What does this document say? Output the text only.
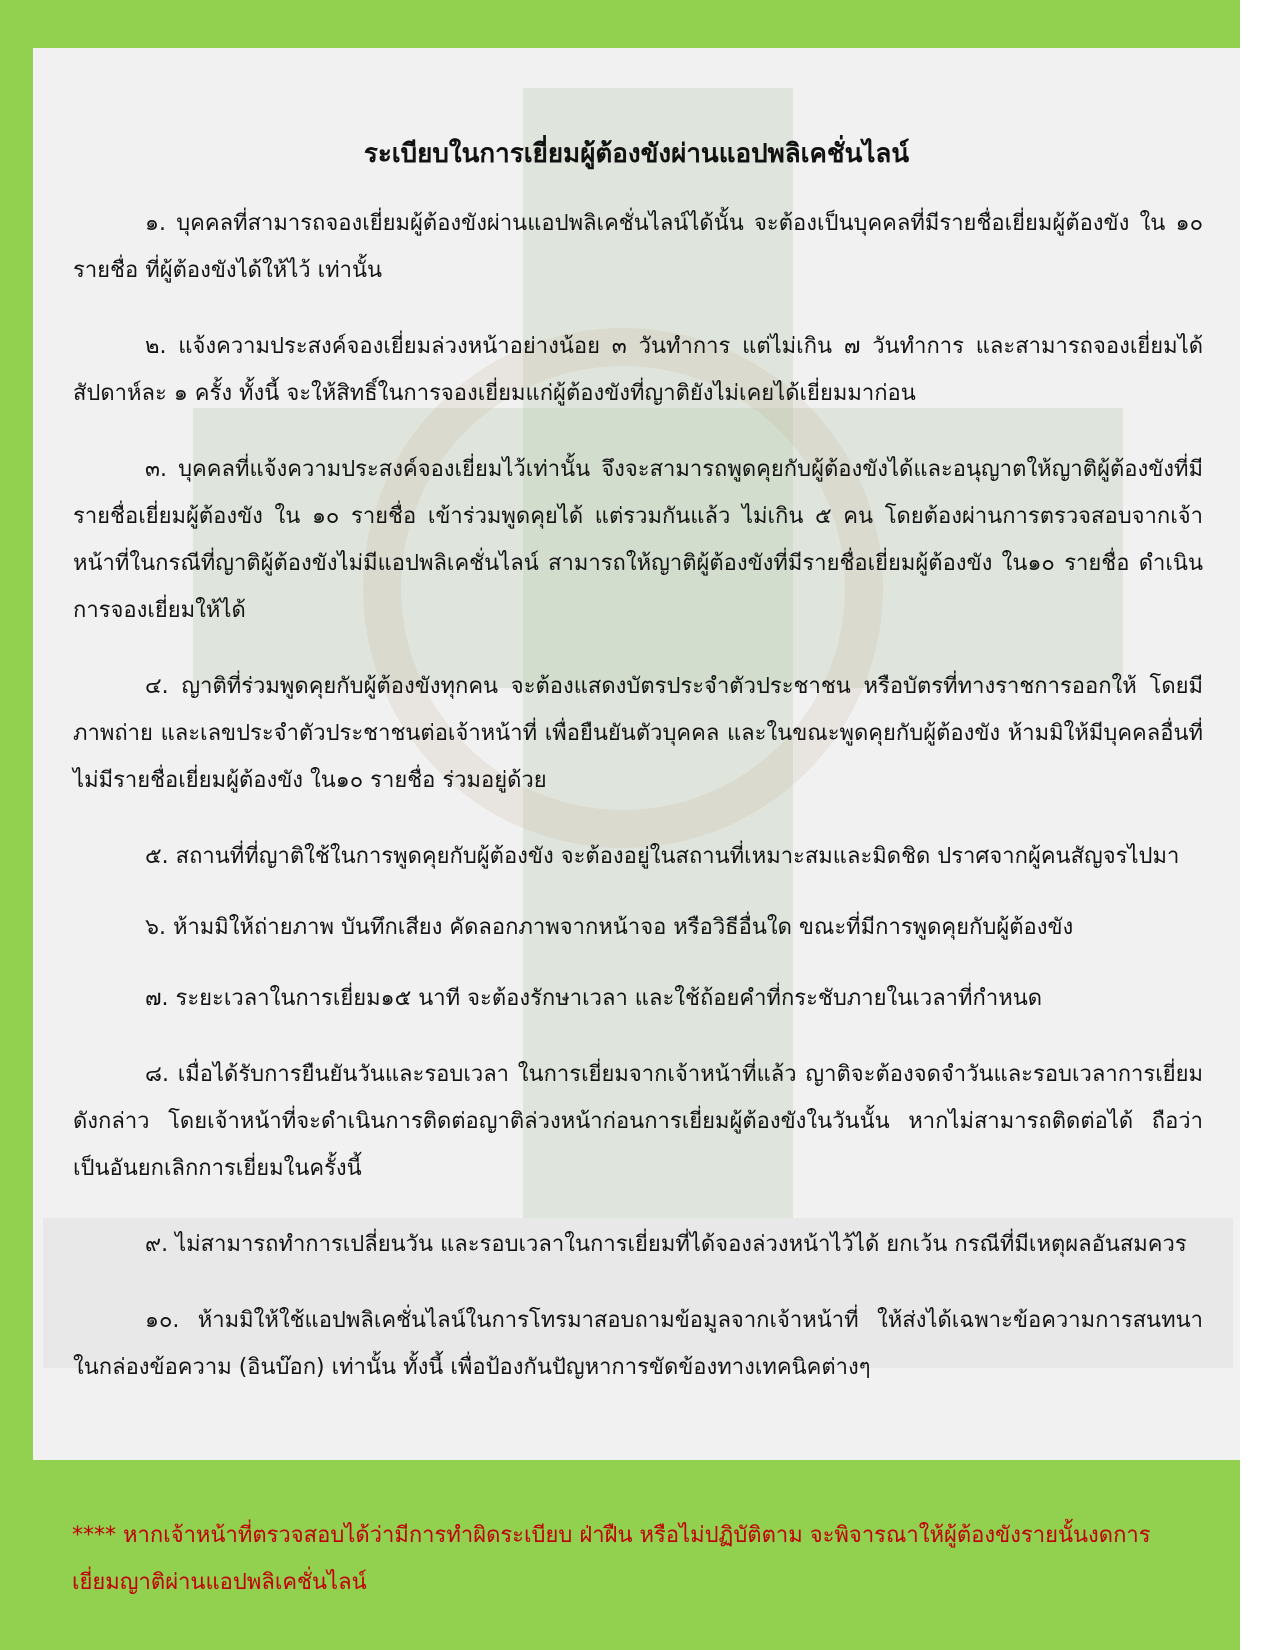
ระเบียบในการเยี่ยมผู้ต้องขังผ่านแอปพลิเคชั่นไลน์

๑. บุคคลที่สามารถจองเยี่ยมผู้ต้องขังผ่านแอปพลิเคชั่นไลน์ได้นั้น จะต้องเป็นบุคคลที่มีรายชื่อเยี่ยมผู้ต้องขัง ใน ๑๐ รายชื่อ ที่ผู้ต้องขังได้ให้ไว้ เท่านั้น

๒. แจ้งความประสงค์จองเยี่ยมล่วงหน้าอย่างน้อย ๓ วันทำการ แต่ไม่เกิน ๗ วันทำการ และสามารถจองเยี่ยมได้ สัปดาห์ละ ๑ ครั้ง ทั้งนี้ จะให้สิทธิ์ในการจองเยี่ยมแก่ผู้ต้องขังที่ญาติยังไม่เคยได้เยี่ยมมาก่อน

๓. บุคคลที่แจ้งความประสงค์จองเยี่ยมไว้เท่านั้น จึงจะสามารถพูดคุยกับผู้ต้องขังได้และอนุญาตให้ญาติผู้ต้องขังที่มีรายชื่อเยี่ยมผู้ต้องขัง ใน ๑๐ รายชื่อ เข้าร่วมพูดคุยได้ แต่รวมกันแล้ว ไม่เกิน ๕ คน โดยต้องผ่านการตรวจสอบจากเจ้าหน้าที่ในกรณีที่ญาติผู้ต้องขังไม่มีแอปพลิเคชั่นไลน์ สามารถให้ญาติผู้ต้องขังที่มีรายชื่อเยี่ยมผู้ต้องขัง ใน๑๐ รายชื่อ ดำเนินการจองเยี่ยมให้ได้

๔. ญาติที่ร่วมพูดคุยกับผู้ต้องขังทุกคน จะต้องแสดงบัตรประจำตัวประชาชน หรือบัตรที่ทางราชการออกให้ โดยมีภาพถ่าย และเลขประจำตัวประชาชนต่อเจ้าหน้าที่ เพื่อยืนยันตัวบุคคล และในขณะพูดคุยกับผู้ต้องขัง ห้ามมิให้มีบุคคลอื่นที่ไม่มีรายชื่อเยี่ยมผู้ต้องขัง ใน๑๐ รายชื่อ ร่วมอยู่ด้วย

๕. สถานที่ที่ญาติใช้ในการพูดคุยกับผู้ต้องขัง จะต้องอยู่ในสถานที่เหมาะสมและมิดชิด ปราศจากผู้คนสัญจรไปมา

๖. ห้ามมิให้ถ่ายภาพ บันทึกเสียง คัดลอกภาพจากหน้าจอ หรือวิธีอื่นใด ขณะที่มีการพูดคุยกับผู้ต้องขัง

๗. ระยะเวลาในการเยี่ยม๑๕ นาที จะต้องรักษาเวลา และใช้ถ้อยคำที่กระชับภายในเวลาที่กำหนด

๘. เมื่อได้รับการยืนยันวันและรอบเวลา ในการเยี่ยมจากเจ้าหน้าที่แล้ว ญาติจะต้องจดจำวันและรอบเวลาการเยี่ยมดังกล่าว โดยเจ้าหน้าที่จะดำเนินการติดต่อญาติล่วงหน้าก่อนการเยี่ยมผู้ต้องขังในวันนั้น หากไม่สามารถติดต่อได้ ถือว่าเป็นอันยกเลิกการเยี่ยมในครั้งนี้

๙. ไม่สามารถทำการเปลี่ยนวัน และรอบเวลาในการเยี่ยมที่ได้จองล่วงหน้าไว้ได้ ยกเว้น กรณีที่มีเหตุผลอันสมควร

๑๐. ห้ามมิให้ใช้แอปพลิเคชั่นไลน์ในการโทรมาสอบถามข้อมูลจากเจ้าหน้าที่ ให้ส่งได้เฉพาะข้อความการสนทนาในกล่องข้อความ (อินบ๊อก) เท่านั้น ทั้งนี้ เพื่อป้องกันปัญหาการขัดข้องทางเทคนิคต่างๆ

**** หากเจ้าหน้าที่ตรวจสอบได้ว่ามีการทำผิดระเบียบ ฝ่าฝืน หรือไม่ปฏิบัติตาม จะพิจารณาให้ผู้ต้องขังรายนั้นงดการเยี่ยมญาติผ่านแอปพลิเคชั่นไลน์
